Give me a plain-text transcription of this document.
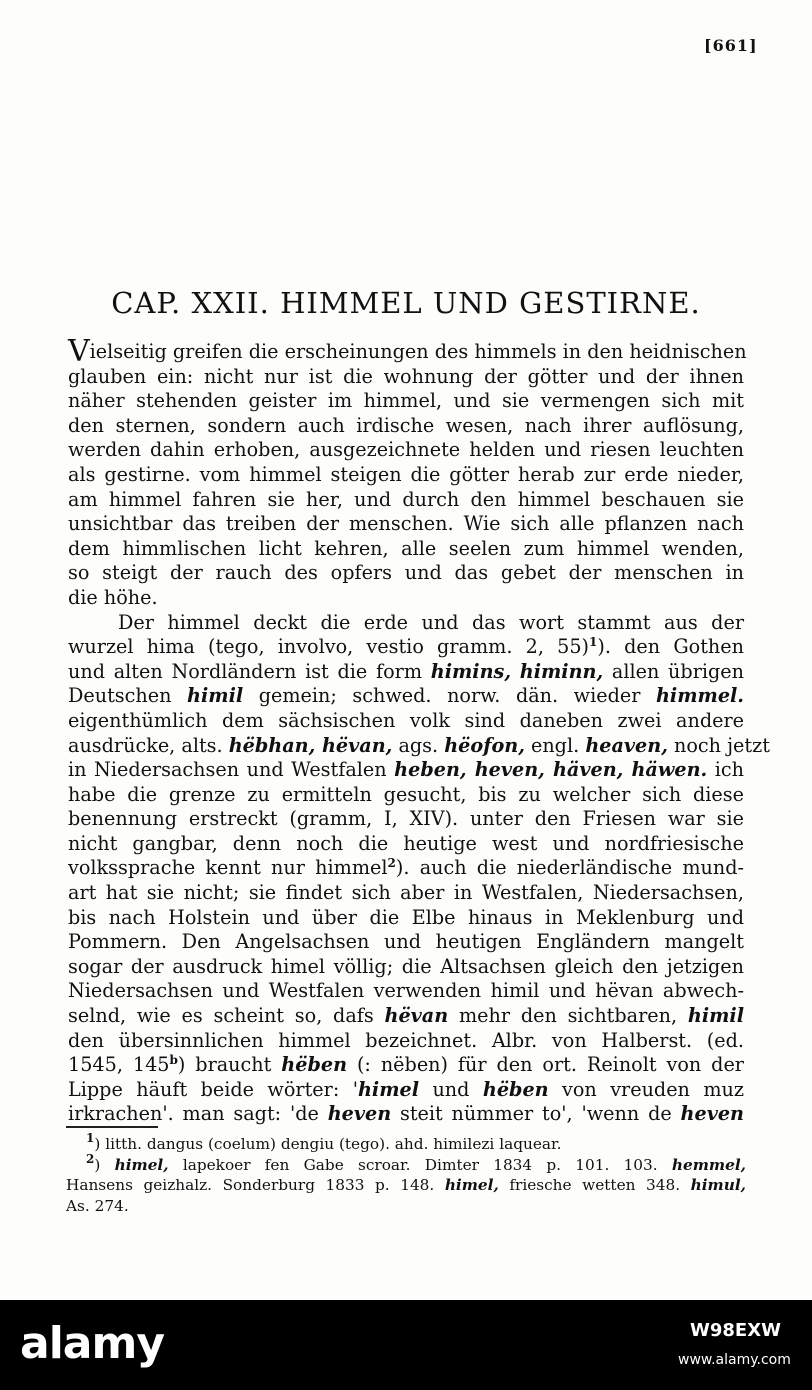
[661]
CAP. XXII. HIMMEL UND GESTIRNE.
Vielseitig greifen die erscheinungen des himmels in den heidnischen
glauben ein: nicht nur ist die wohnung der götter und der ihnen
näher stehenden geister im himmel, und sie vermengen sich mit
den sternen, sondern auch irdische wesen, nach ihrer auflösung,
werden dahin erhoben, ausgezeichnete helden und riesen leuchten
als gestirne. vom himmel steigen die götter herab zur erde nieder,
am himmel fahren sie her, und durch den himmel beschauen sie
unsichtbar das treiben der menschen. Wie sich alle pflanzen nach
dem himmlischen licht kehren, alle seelen zum himmel wenden,
so steigt der rauch des opfers und das gebet der menschen in
die höhe.
Der himmel deckt die erde und das wort stammt aus der
wurzel hima (tego, involvo, vestio gramm. 2, 55)$^1$). den Gothen
und alten Nordländern ist die form himins, himinn, allen übrigen
Deutschen himil gemein; schwed. norw. dän. wieder himmel.
eigenthümlich dem sächsischen volk sind daneben zwei andere
ausdrücke, alts. hëbhan, hëvan, ags. hëofon, engl. heaven, noch jetzt
in Niedersachsen und Westfalen heben, heven, häven, häwen. ich
habe die grenze zu ermitteln gesucht, bis zu welcher sich diese
benennung erstreckt (gramm, I, XIV). unter den Friesen war sie
nicht gangbar, denn noch die heutige west und nordfriesische
volkssprache kennt nur himmel$^2$). auch die niederländische mund-
art hat sie nicht; sie findet sich aber in Westfalen, Niedersachsen,
bis nach Holstein und über die Elbe hinaus in Meklenburg und
Pommern. Den Angelsachsen und heutigen Engländern mangelt
sogar der ausdruck himel völlig; die Altsachsen gleich den jetzigen
Niedersachsen und Westfalen verwenden himil und hëvan abwech-
selnd, wie es scheint so, dafs hëvan mehr den sichtbaren, himil
den übersinnlichen himmel bezeichnet. Albr. von Halberst. (ed.
1545, 145$^b$) braucht hëben (: nëben) für den ort. Reinolt von der
Lippe häuft beide wörter: 'himel und hëben von vreuden muz
irkrachen'. man sagt: 'de heven steit nümmer to', 'wenn de heven
$^1$) litth. dangus (coelum) dengiu (tego). ahd. himilezi laquear.
$^2$) himel, lapekoer fen Gabe scroar. Dimter 1834 p. 101. 103. hemmel,
Hansens geizhalz. Sonderburg 1833 p. 148. himel, friesche wetten 348. himul,
As. 274.
alamy	W98EXW
www.alamy.com
